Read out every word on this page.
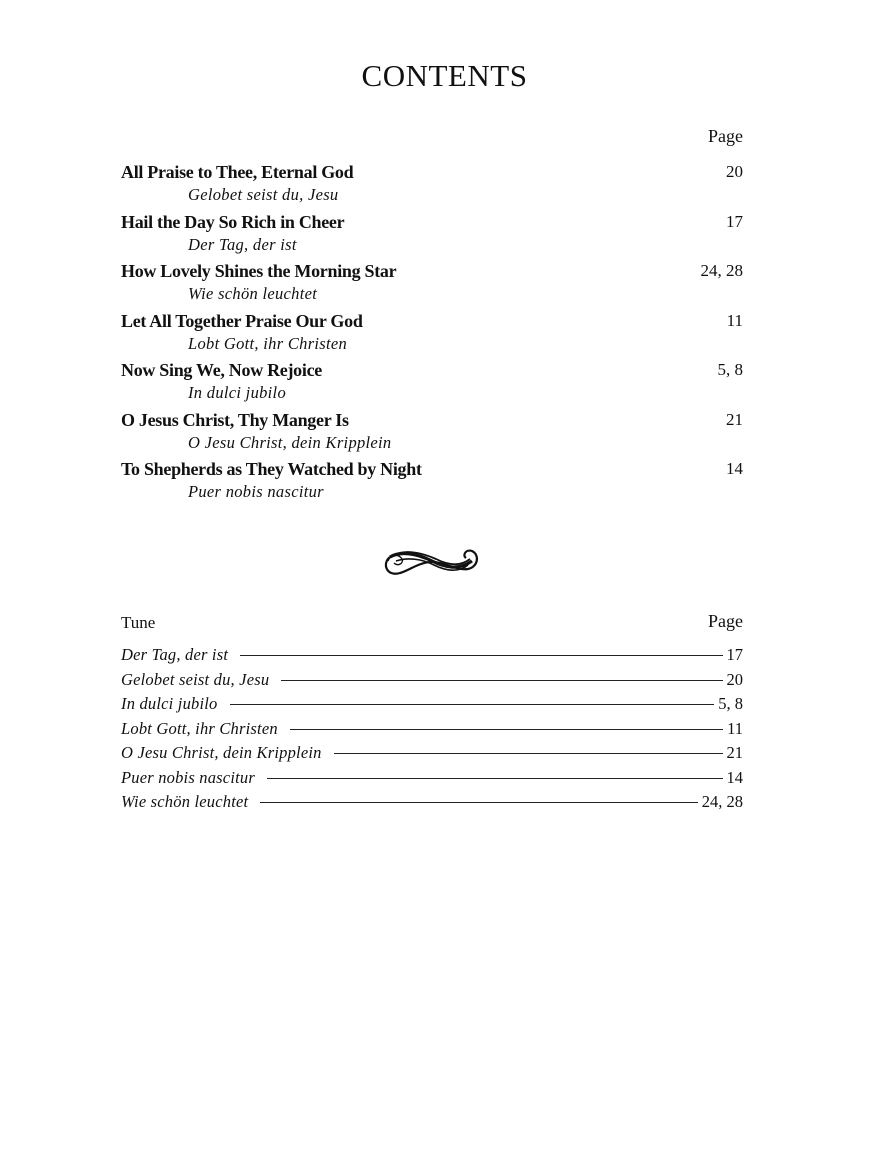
CONTENTS
Page
All Praise to Thee, Eternal God
Gelobet seist du, Jesu
20
Hail the Day So Rich in Cheer
Der Tag, der ist
17
How Lovely Shines the Morning Star
Wie schön leuchtet
24, 28
Let All Together Praise Our God
Lobt Gott, ihr Christen
11
Now Sing We, Now Rejoice
In dulci jubilo
5, 8
O Jesus Christ, Thy Manger Is
O Jesu Christ, dein Kripplein
21
To Shepherds as They Watched by Night
Puer nobis nascitur
14
Tune	Page
Der Tag, der ist	17
Gelobet seist du, Jesu	20
In dulci jubilo	5, 8
Lobt Gott, ihr Christen	11
O Jesu Christ, dein Kripplein	21
Puer nobis nascitur	14
Wie schön leuchtet	24, 28
